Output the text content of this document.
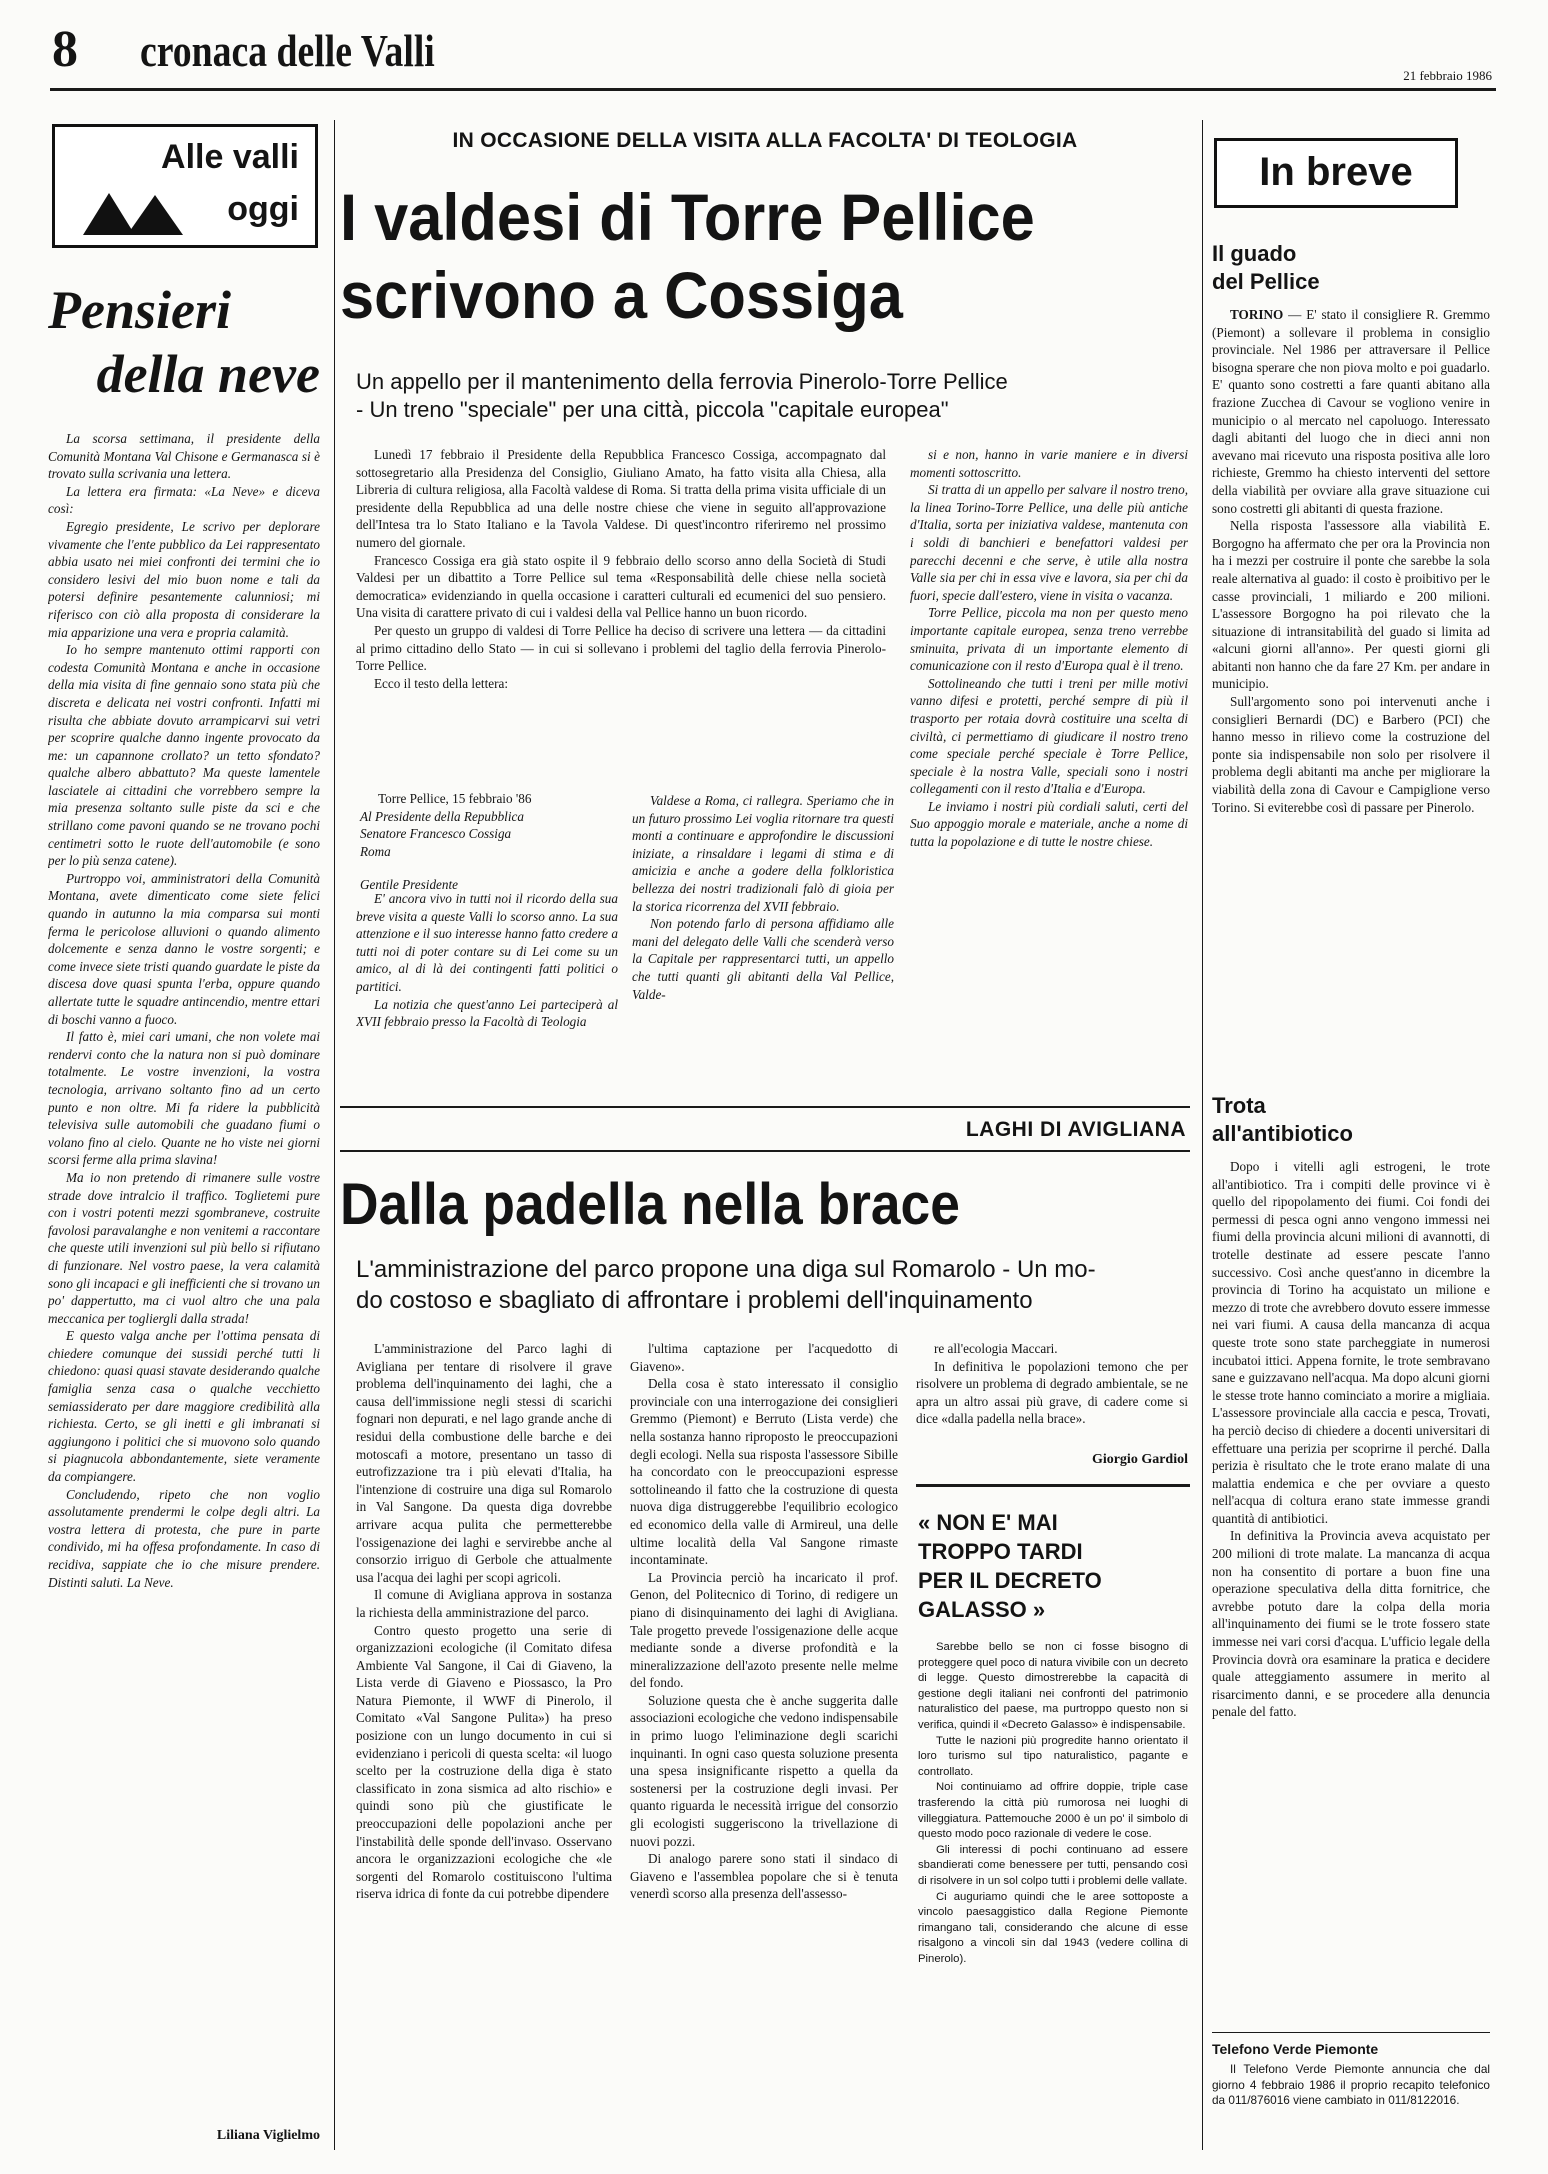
8 cronaca delle Valli	21 febbraio 1986
Alle valli
oggi
Pensieri
della neve

La scorsa settimana, il presidente della Comunità Montana Val Chisone e Germanasca si è trovato sulla scrivania una lettera.

La lettera era firmata: «La Neve» e diceva così:

Egregio presidente, Le scrivo per deplorare vivamente che l'ente pubblico da Lei rappresentato abbia usato nei miei confronti dei termini che io considero lesivi del mio buon nome e tali da potersi definire pesantemente calunniosi; mi riferisco con ciò alla proposta di considerare la mia apparizione una vera e propria calamità.

Io ho sempre mantenuto ottimi rapporti con codesta Comunità Montana e anche in occasione della mia visita di fine gennaio sono stata più che discreta e delicata nei vostri confronti. Infatti mi risulta che abbiate dovuto arrampicarvi sui vetri per scoprire qualche danno ingente provocato da me: un capannone crollato? un tetto sfondato? qualche albero abbattuto? Ma queste lamentele lasciatele ai cittadini che vorrebbero sempre la mia presenza soltanto sulle piste da sci e che strillano come pavoni quando se ne trovano pochi centimetri sotto le ruote dell'automobile (e sono per lo più senza catene).

Purtroppo voi, amministratori della Comunità Montana, avete dimenticato come siete felici quando in autunno la mia comparsa sui monti ferma le pericolose alluvioni o quando alimento dolcemente e senza danno le vostre sorgenti; e come invece siete tristi quando guardate le piste da discesa dove quasi spunta l'erba, oppure quando allertate tutte le squadre antincendio, mentre ettari di boschi vanno a fuoco.

Il fatto è, miei cari umani, che non volete mai rendervi conto che la natura non si può dominare totalmente. Le vostre invenzioni, la vostra tecnologia, arrivano soltanto fino ad un certo punto e non oltre. Mi fa ridere la pubblicità televisiva sulle automobili che guadano fiumi o volano fino al cielo. Quante ne ho viste nei giorni scorsi ferme alla prima slavina!

Ma io non pretendo di rimanere sulle vostre strade dove intralcio il traffico. Toglietemi pure con i vostri potenti mezzi sgombraneve, costruite favolosi paravalanghe e non venitemi a raccontare che queste utili invenzioni sul più bello si rifiutano di funzionare. Nel vostro paese, la vera calamità sono gli incapaci e gli inefficienti che si trovano un po' dappertutto, ma ci vuol altro che una pala meccanica per togliergli dalla strada!

E questo valga anche per l'ottima pensata di chiedere comunque dei sussidi perché tutti li chiedono: quasi quasi stavate desiderando qualche famiglia senza casa o qualche vecchietto semiassiderato per dare maggiore credibilità alla richiesta. Certo, se gli inetti e gli imbranati si aggiungono i politici che si muovono solo quando si piagnucola abbondantemente, siete veramente da compiangere.

Concludendo, ripeto che non voglio assolutamente prendermi le colpe degli altri. La vostra lettera di protesta, che pure in parte condivido, mi ha offesa profondamente. In caso di recidiva, sappiate che io che misure prendere. Distinti saluti. La Neve.

Liliana Viglielmo
IN OCCASIONE DELLA VISITA ALLA FACOLTA' DI TEOLOGIA
I valdesi di Torre Pellice
scrivono a Cossiga
Un appello per il mantenimento della ferrovia Pinerolo-Torre Pellice
- Un treno "speciale" per una città, piccola "capitale europea"

Lunedì 17 febbraio il Presidente della Repubblica Francesco Cossiga, accompagnato dal sottosegretario alla Presidenza del Consiglio, Giuliano Amato, ha fatto visita alla Chiesa, alla Libreria di cultura religiosa, alla Facoltà valdese di Roma. Si tratta della prima visita ufficiale di un presidente della Repubblica ad una delle nostre chiese che viene in seguito all'approvazione dell'Intesa tra lo Stato Italiano e la Tavola Valdese. Di quest'incontro riferiremo nel prossimo numero del giornale.

Francesco Cossiga era già stato ospite il 9 febbraio dello scorso anno della Società di Studi Valdesi per un dibattito a Torre Pellice sul tema «Responsabilità delle chiese nella società democratica» evidenziando in quella occasione i caratteri culturali ed ecumenici del suo pensiero. Una visita di carattere privato di cui i valdesi della val Pellice hanno un buon ricordo.

Per questo un gruppo di valdesi di Torre Pellice ha deciso di scrivere una lettera — da cittadini al primo cittadino dello Stato — in cui si sollevano i problemi del taglio della ferrovia Pinerolo-Torre Pellice.

Ecco il testo della lettera:

Torre Pellice, 15 febbraio '86
Al Presidente della Repubblica
Senatore Francesco Cossiga
Roma
Gentile Presidente

E' ancora vivo in tutti noi il ricordo della sua breve visita a queste Valli lo scorso anno. La sua attenzione e il suo interesse hanno fatto credere a tutti noi di poter contare su di Lei come su un amico, al di là dei contingenti fatti politici o partitici.

La notizia che quest'anno Lei parteciperà al XVII febbraio presso la Facoltà di Teologia

Valdese a Roma, ci rallegra. Speriamo che in un futuro prossimo Lei voglia ritornare tra questi monti a continuare e approfondire le discussioni iniziate, a rinsaldare i legami di stima e di amicizia e anche a godere della folkloristica bellezza dei nostri tradizionali falò di gioia per la storica ricorrenza del XVII febbraio.

Non potendo farlo di persona affidiamo alle mani del delegato delle Valli che scenderà verso la Capitale per rappresentarci tutti, un appello che tutti quanti gli abitanti della Val Pellice, Valde-

si e non, hanno in varie maniere e in diversi momenti sottoscritto.

Si tratta di un appello per salvare il nostro treno, la linea Torino-Torre Pellice, una delle più antiche d'Italia, sorta per iniziativa valdese, mantenuta con i soldi di banchieri e benefattori valdesi per parecchi decenni e che serve, è utile alla nostra Valle sia per chi in essa vive e lavora, sia per chi da fuori, specie dall'estero, viene in visita o vacanza.

Torre Pellice, piccola ma non per questo meno importante capitale europea, senza treno verrebbe sminuita, privata di un importante elemento di comunicazione con il resto d'Europa qual è il treno.

Sottolineando che tutti i treni per mille motivi vanno difesi e protetti, perché sempre di più il trasporto per rotaia dovrà costituire una scelta di civiltà, ci permettiamo di giudicare il nostro treno come speciale perché speciale è Torre Pellice, speciale è la nostra Valle, speciali sono i nostri collegamenti con il resto d'Italia e d'Europa.

Le inviamo i nostri più cordiali saluti, certi del Suo appoggio morale e materiale, anche a nome di tutta la popolazione e di tutte le nostre chiese.

LAGHI DI AVIGLIANA
Dalla padella nella brace
L'amministrazione del parco propone una diga sul Romarolo - Un mo-
do costoso e sbagliato di affrontare i problemi dell'inquinamento

L'amministrazione del Parco laghi di Avigliana per tentare di risolvere il grave problema dell'inquinamento dei laghi, che a causa dell'immissione negli stessi di scarichi fognari non depurati, e nel lago grande anche di residui della combustione delle barche e dei motoscafi a motore, presentano un tasso di eutrofizzazione tra i più elevati d'Italia, ha l'intenzione di costruire una diga sul Romarolo in Val Sangone. Da questa diga dovrebbe arrivare acqua pulita che permetterebbe l'ossigenazione dei laghi e servirebbe anche al consorzio irriguo di Gerbole che attualmente usa l'acqua dei laghi per scopi agricoli.

Il comune di Avigliana approva in sostanza la richiesta della amministrazione del parco.

Contro questo progetto una serie di organizzazioni ecologiche (il Comitato difesa Ambiente Val Sangone, il Cai di Giaveno, la Lista verde di Giaveno e Piossasco, la Pro Natura Piemonte, il WWF di Pinerolo, il Comitato «Val Sangone Pulita») ha preso posizione con un lungo documento in cui si evidenziano i pericoli di questa scelta: «il luogo scelto per la costruzione della diga è stato classificato in zona sismica ad alto rischio» e quindi sono più che giustificate le preoccupazioni delle popolazioni anche per l'instabilità delle sponde dell'invaso. Osservano ancora le organizzazioni ecologiche che «le sorgenti del Romarolo costituiscono l'ultima riserva idrica di fonte da cui potrebbe dipendere

l'ultima captazione per l'acquedotto di Giaveno».

Della cosa è stato interessato il consiglio provinciale con una interrogazione dei consiglieri Gremmo (Piemont) e Berruto (Lista verde) che nella sostanza hanno riproposto le preoccupazioni degli ecologi. Nella sua risposta l'assessore Sibille ha concordato con le preoccupazioni espresse sottolineando il fatto che la costruzione di questa nuova diga distruggerebbe l'equilibrio ecologico ed economico della valle di Armireul, una delle ultime località della Val Sangone rimaste incontaminate.

La Provincia perciò ha incaricato il prof. Genon, del Politecnico di Torino, di redigere un piano di disinquinamento dei laghi di Avigliana. Tale progetto prevede l'ossigenazione delle acque mediante sonde a diverse profondità e la mineralizzazione dell'azoto presente nelle melme del fondo.

Soluzione questa che è anche suggerita dalle associazioni ecologiche che vedono indispensabile in primo luogo l'eliminazione degli scarichi inquinanti. In ogni caso questa soluzione presenta una spesa insignificante rispetto a quella da sostenersi per la costruzione degli invasi. Per quanto riguarda le necessità irrigue del consorzio gli ecologisti suggeriscono la trivellazione di nuovi pozzi.

Di analogo parere sono stati il sindaco di Giaveno e l'assemblea popolare che si è tenuta venerdì scorso alla presenza dell'assesso-

re all'ecologia Maccari.

In definitiva le popolazioni temono che per risolvere un problema di degrado ambientale, se ne apra un altro assai più grave, di cadere come si dice «dalla padella nella brace».

Giorgio Gardiol
« NON E' MAI
TROPPO TARDI
PER IL DECRETO
GALASSO »

Sarebbe bello se non ci fosse bisogno di proteggere quel poco di natura vivibile con un decreto di legge. Questo dimostrerebbe la capacità di gestione degli italiani nei confronti del patrimonio naturalistico del paese, ma purtroppo questo non si verifica, quindi il «Decreto Galasso» è indispensabile.

Tutte le nazioni più progredite hanno orientato il loro turismo sul tipo naturalistico, pagante e controllato.

Noi continuiamo ad offrire doppie, triple case trasferendo la città più rumorosa nei luoghi di villeggiatura. Pattemouche 2000 è un po' il simbolo di questo modo poco razionale di vedere le cose.

Gli interessi di pochi continuano ad essere sbandierati come benessere per tutti, pensando così di risolvere in un sol colpo tutti i problemi delle vallate.

Ci auguriamo quindi che le aree sottoposte a vincolo paesaggistico dalla Regione Piemonte rimangano tali, considerando che alcune di esse risalgono a vincoli sin dal 1943 (vedere collina di Pinerolo).

In breve
Il guado
del Pellice

TORINO — E' stato il consigliere R. Gremmo (Piemont) a sollevare il problema in consiglio provinciale. Nel 1986 per attraversare il Pellice bisogna sperare che non piova molto e poi guadarlo. E' quanto sono costretti a fare quanti abitano alla frazione Zucchea di Cavour se vogliono venire in municipio o al mercato nel capoluogo. Interessato dagli abitanti del luogo che in dieci anni non avevano mai ricevuto una risposta positiva alle loro richieste, Gremmo ha chiesto interventi del settore della viabilità per ovviare alla grave situazione cui sono costretti gli abitanti di questa frazione.

Nella risposta l'assessore alla viabilità E. Borgogno ha affermato che per ora la Provincia non ha i mezzi per costruire il ponte che sarebbe la sola reale alternativa al guado: il costo è proibitivo per le casse provinciali, 1 miliardo e 200 milioni. L'assessore Borgogno ha poi rilevato che la situazione di intransitabilità del guado si limita ad «alcuni giorni all'anno». Per questi giorni gli abitanti non hanno che da fare 27 Km. per andare in municipio.

Sull'argomento sono poi intervenuti anche i consiglieri Bernardi (DC) e Barbero (PCI) che hanno messo in rilievo come la costruzione del ponte sia indispensabile non solo per risolvere il problema degli abitanti ma anche per migliorare la viabilità della zona di Cavour e Campiglione verso Torino. Si eviterebbe così di passare per Pinerolo.

Trota
all'antibiotico

Dopo i vitelli agli estrogeni, le trote all'antibiotico. Tra i compiti delle province vi è quello del ripopolamento dei fiumi. Coi fondi dei permessi di pesca ogni anno vengono immessi nei fiumi della provincia alcuni milioni di avannotti, di trotelle destinate ad essere pescate l'anno successivo. Così anche quest'anno in dicembre la provincia di Torino ha acquistato un milione e mezzo di trote che avrebbero dovuto essere immesse nei vari fiumi. A causa della mancanza di acqua queste trote sono state parcheggiate in numerosi incubatoi ittici. Appena fornite, le trote sembravano sane e guizzavano nell'acqua. Ma dopo alcuni giorni le stesse trote hanno cominciato a morire a migliaia. L'assessore provinciale alla caccia e pesca, Trovati, ha perciò deciso di chiedere a docenti universitari di effettuare una perizia per scoprirne il perché. Dalla perizia è risultato che le trote erano malate di una malattia endemica e che per ovviare a questo nell'acqua di coltura erano state immesse grandi quantità di antibiotici.

In definitiva la Provincia aveva acquistato per 200 milioni di trote malate. La mancanza di acqua non ha consentito di portare a buon fine una operazione speculativa della ditta fornitrice, che avrebbe potuto dare la colpa della moria all'inquinamento dei fiumi se le trote fossero state immesse nei vari corsi d'acqua. L'ufficio legale della Provincia dovrà ora esaminare la pratica e decidere quale atteggiamento assumere in merito al risarcimento danni, e se procedere alla denuncia penale del fatto.

Telefono Verde Piemonte

Il Telefono Verde Piemonte annuncia che dal giorno 4 febbraio 1986 il proprio recapito telefonico da 011/876016 viene cambiato in 011/8122016.
